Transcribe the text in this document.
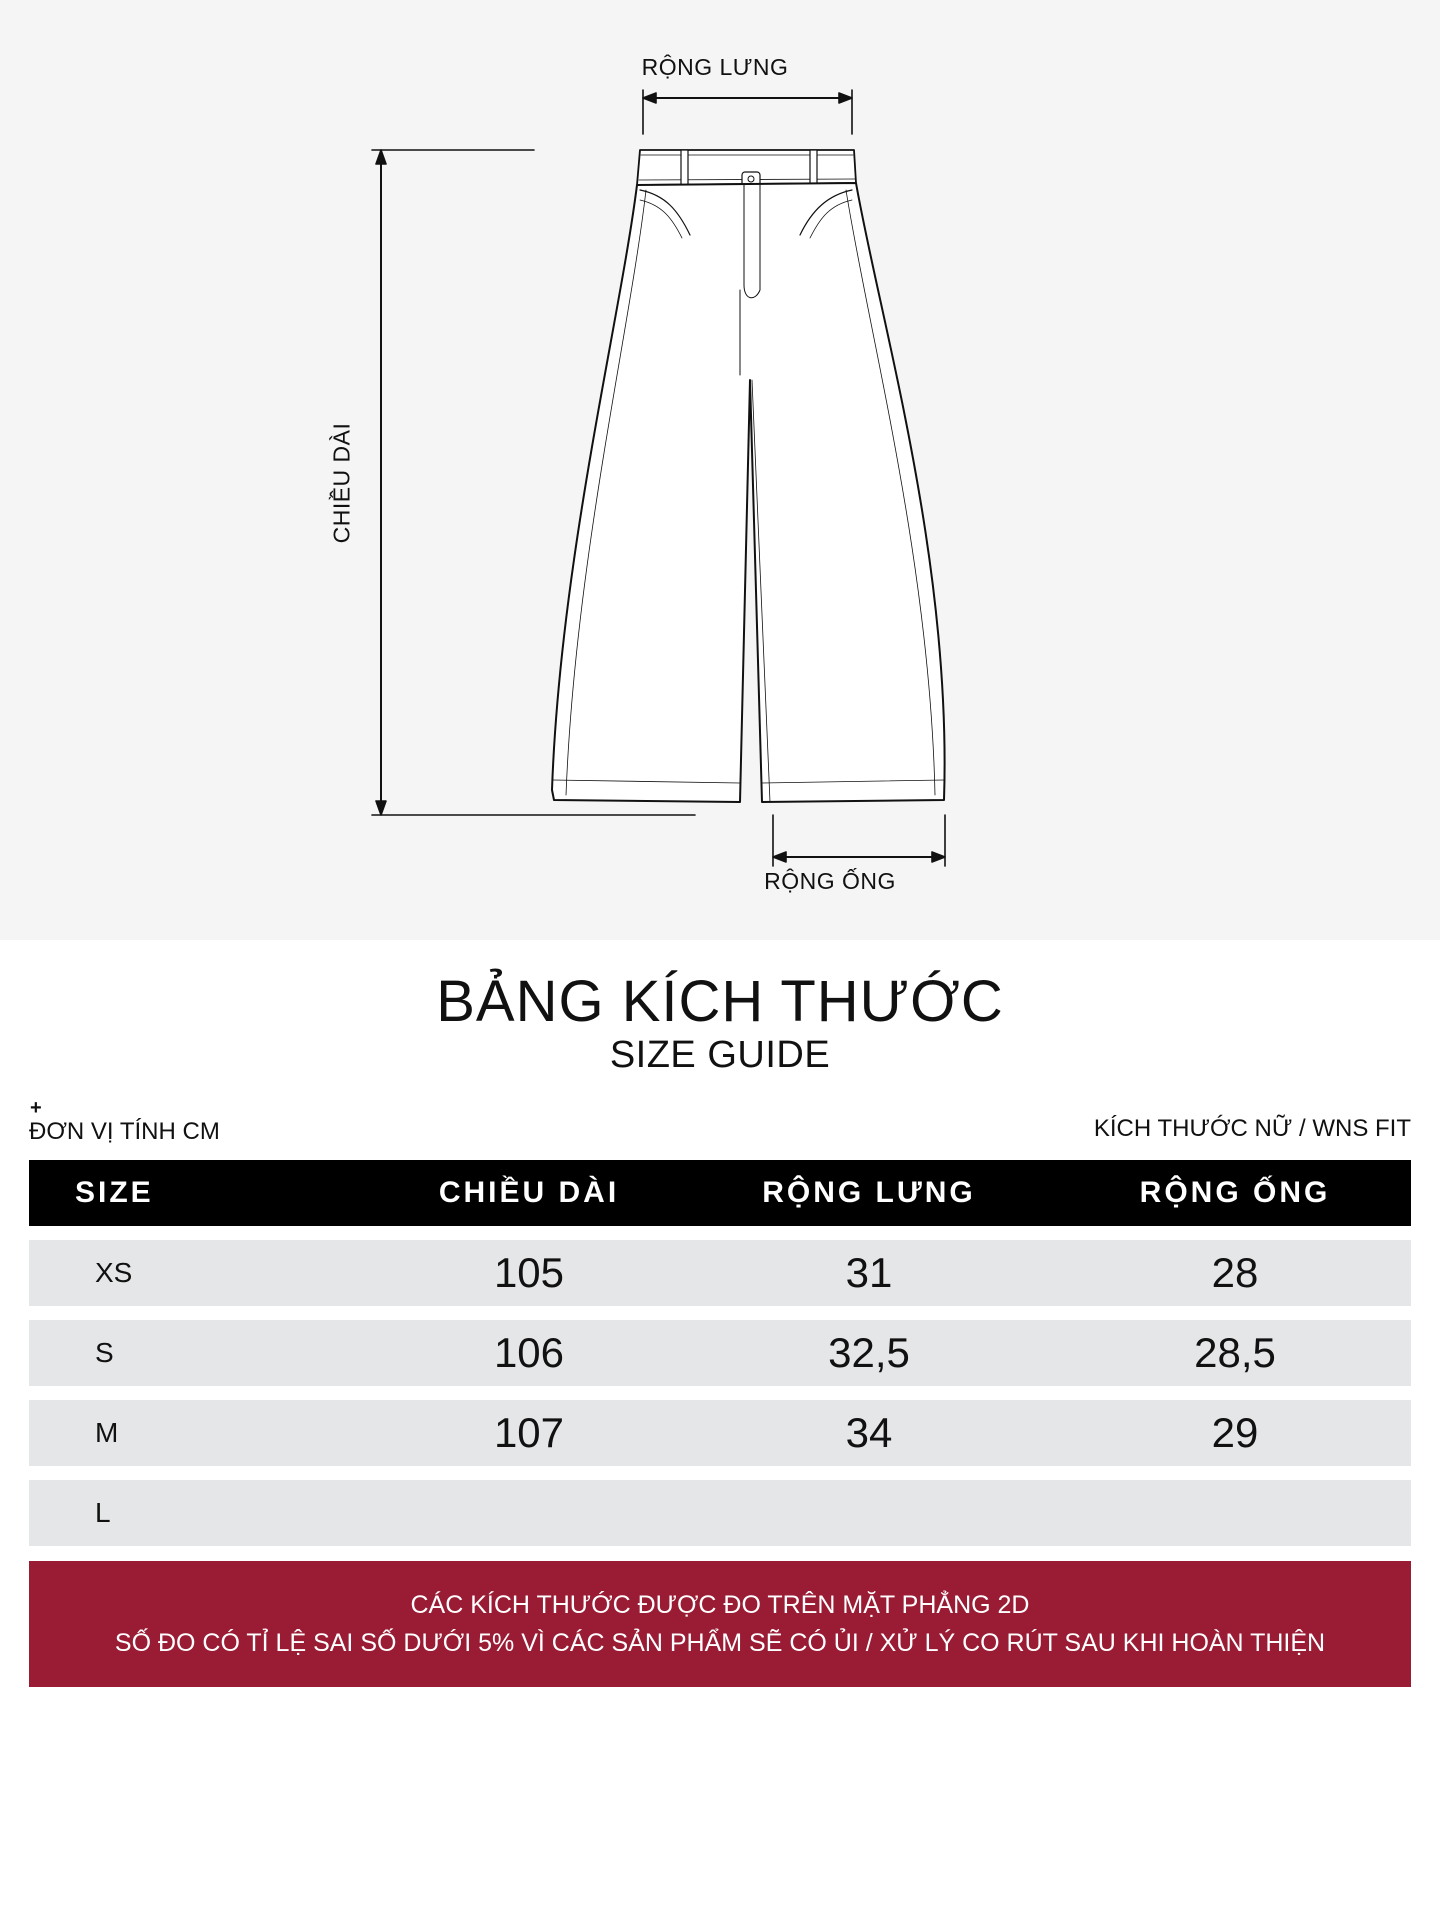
RỘNG LƯNG
CHIỀU DÀI
RỘNG ỐNG
BẢNG KÍCH THƯỚC
SIZE GUIDE
+
ĐƠN VỊ TÍNH CM	KÍCH THƯỚC NỮ / WNS FIT
SIZE	CHIỀU DÀI	RỘNG LƯNG	RỘNG ỐNG
XS	105	31	28
S	106	32,5	28,5
M	107	34	29
L
CÁC KÍCH THƯỚC ĐƯỢC ĐO TRÊN MẶT PHẲNG 2D
SỐ ĐO CÓ TỈ LỆ SAI SỐ DƯỚI 5% VÌ CÁC SẢN PHẨM SẼ CÓ ỦI / XỬ LÝ CO RÚT SAU KHI HOÀN THIỆN
